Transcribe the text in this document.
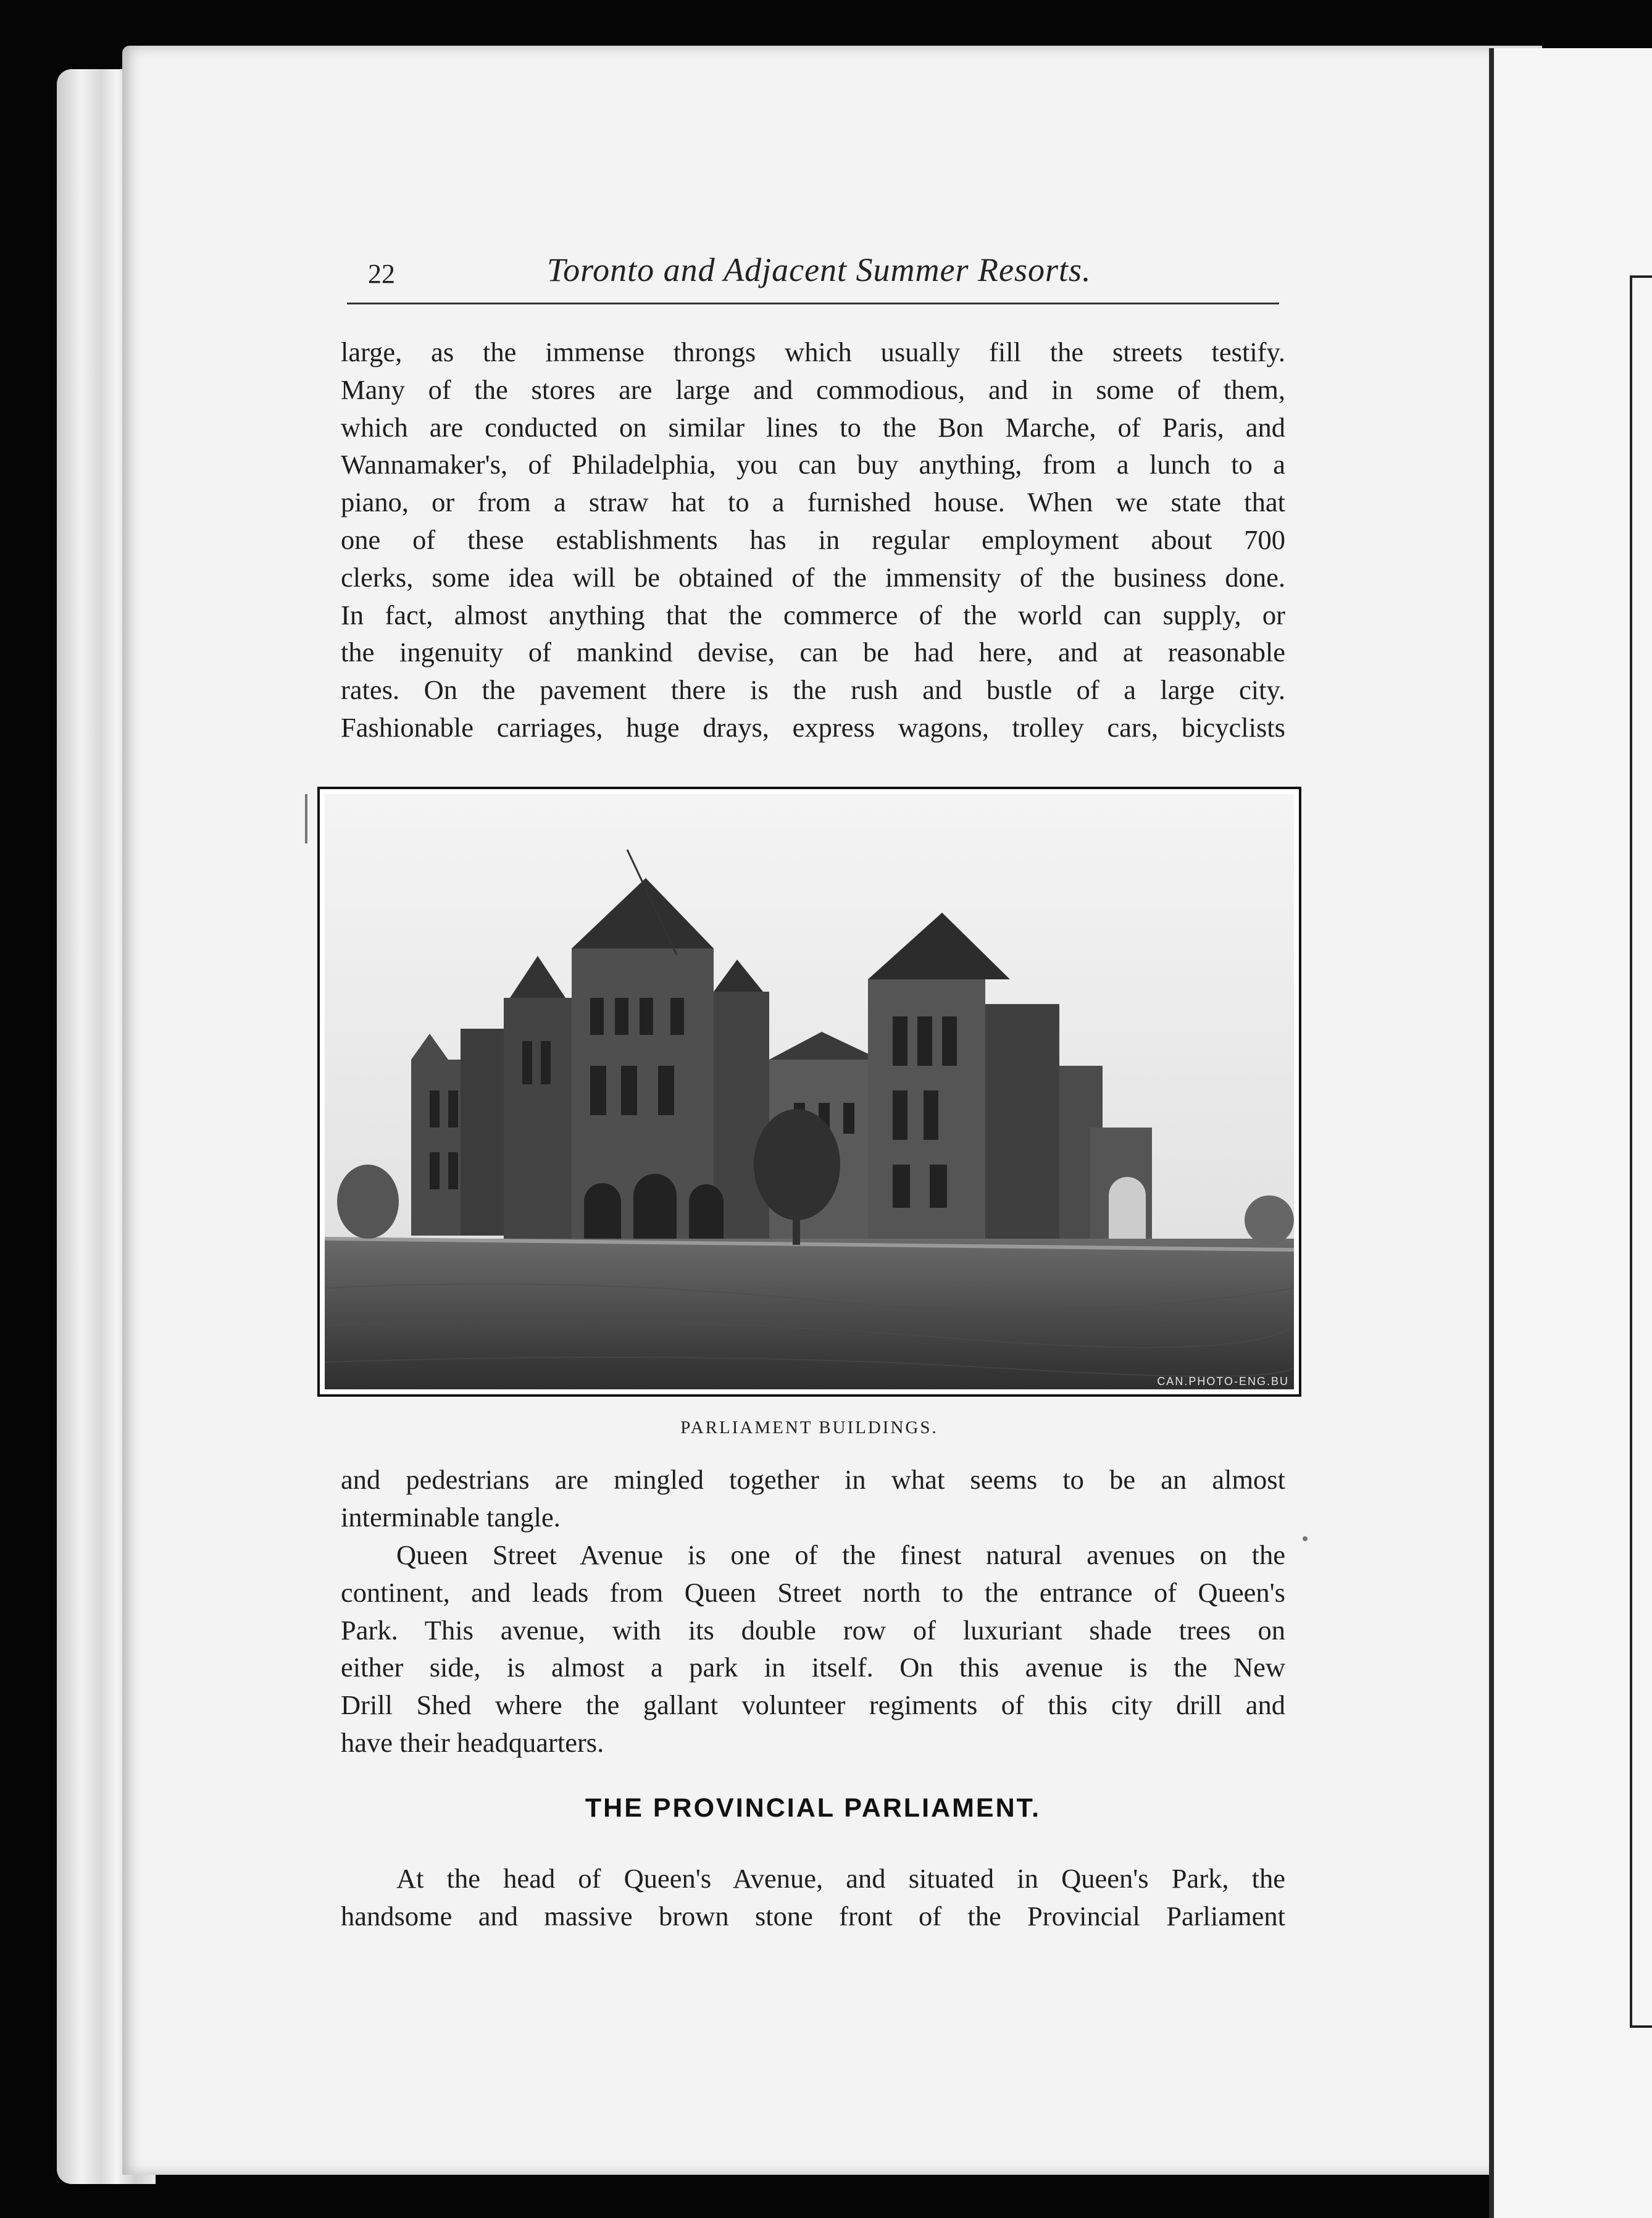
22	Toronto and Adjacent Summer Resorts.
large, as the immense throngs which usually fill the streets testify.
Many of the stores are large and commodious, and in some of them,
which are conducted on similar lines to the Bon Marche, of Paris, and
Wannamaker's, of Philadelphia, you can buy anything, from a lunch to a
piano, or from a straw hat to a furnished house. When we state that
one of these establishments has in regular employment about 700
clerks, some idea will be obtained of the immensity of the business done.
In fact, almost anything that the commerce of the world can supply, or
the ingenuity of mankind devise, can be had here, and at reasonable
rates. On the pavement there is the rush and bustle of a large city.
Fashionable carriages, huge drays, express wagons, trolley cars, bicyclists
CAN.PHOTO-ENG.BU
PARLIAMENT BUILDINGS.
and pedestrians are mingled together in what seems to be an almost
interminable tangle.
Queen Street Avenue is one of the finest natural avenues on the
continent, and leads from Queen Street north to the entrance of Queen's
Park. This avenue, with its double row of luxuriant shade trees on
either side, is almost a park in itself. On this avenue is the New
Drill Shed where the gallant volunteer regiments of this city drill and
have their headquarters.
THE PROVINCIAL PARLIAMENT.
At the head of Queen's Avenue, and situated in Queen's Park, the
handsome and massive brown stone front of the Provincial Parliament
